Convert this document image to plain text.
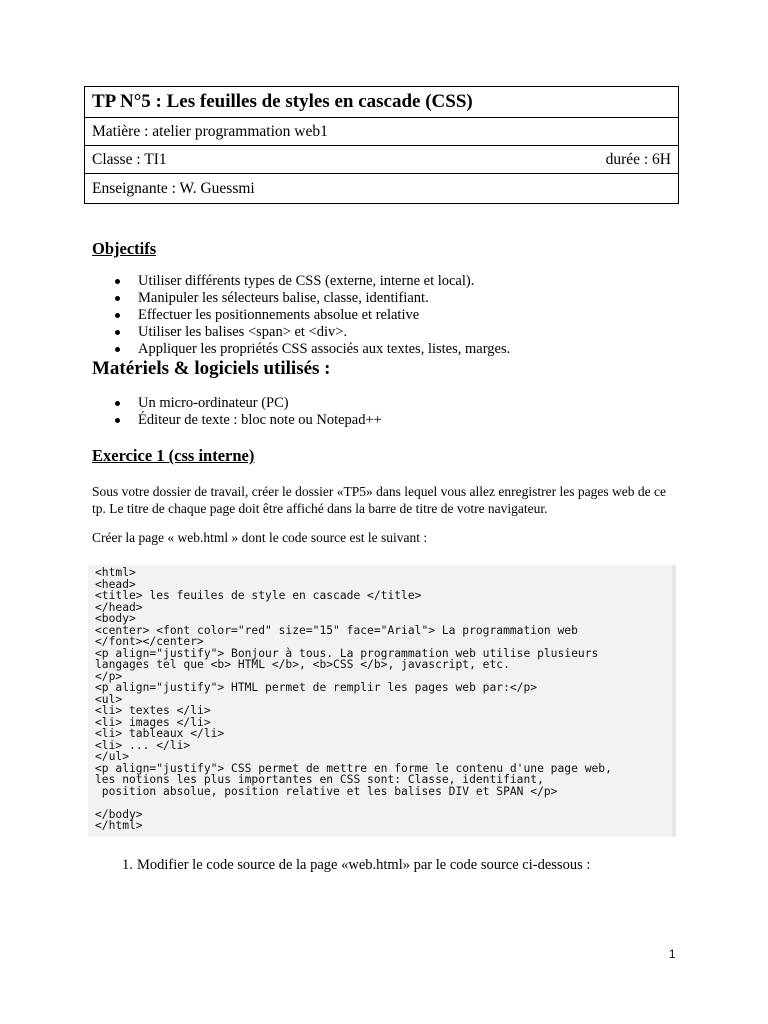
TP N°5 : Les feuilles de styles en cascade (CSS)
Matière : atelier programmation web1
Classe : TI1	durée : 6H
Enseignante : W. Guessmi
Objectifs
Utiliser différents types de CSS (externe, interne et local).
Manipuler les sélecteurs balise, classe, identifiant.
Effectuer les positionnements absolue et relative
Utiliser les balises <span> et <div>.
Appliquer les propriétés CSS associés aux textes, listes, marges.
Matériels & logiciels utilisés :
Un micro-ordinateur (PC)
Éditeur de texte : bloc note ou Notepad++
Exercice 1 (css interne)

Sous votre dossier de travail, créer le dossier «TP5» dans lequel vous allez enregistrer les pages web de ce tp. Le titre de chaque page doit être affiché dans la barre de titre de votre navigateur.

Créer la page « web.html » dont le code source est le suivant :

<html>
<head>
<title> les feuiles de style en cascade </title>
</head>
<body>
<center> <font color="red" size="15" face="Arial"> La programmation web
</font></center>
<p align="justify"> Bonjour à tous. La programmation web utilise plusieurs
langages tel que <b> HTML </b>, <b>CSS </b>, javascript, etc.
</p>
<p align="justify"> HTML permet de remplir les pages web par:</p>
<ul>
<li> textes </li>
<li> images </li>
<li> tableaux </li>
<li> ... </li>
</ul>
<p align="justify"> CSS permet de mettre en forme le contenu d'une page web,
les notions les plus importantes en CSS sont: Classe, identifiant,
position absolue, position relative et les balises DIV et SPAN </p>

</body>
</html>
1. Modifier le code source de la page «web.html» par le code source ci-dessous :
1
